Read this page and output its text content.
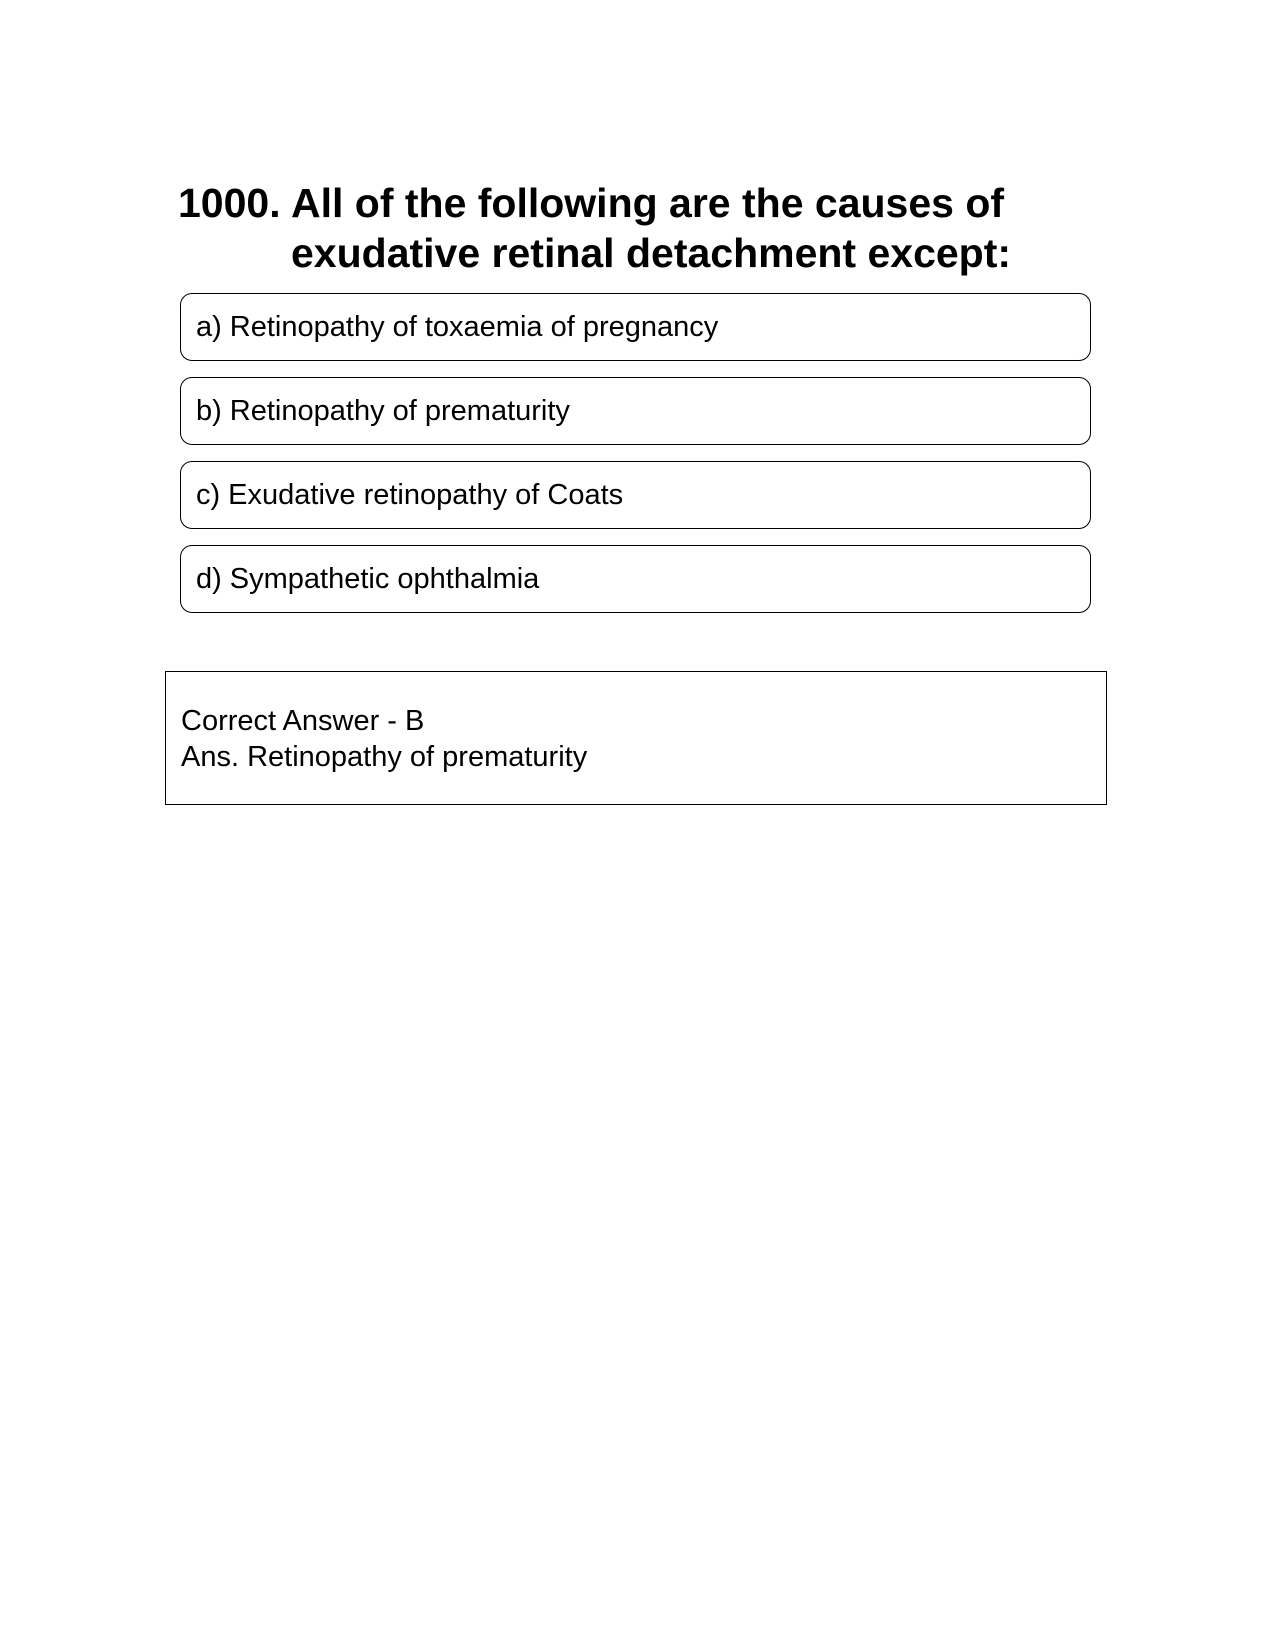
1000. All of the following are the causes of exudative retinal detachment except:
a) Retinopathy of toxaemia of pregnancy
b) Retinopathy of prematurity
c) Exudative retinopathy of Coats
d) Sympathetic ophthalmia
Correct Answer - B
Ans. Retinopathy of prematurity
